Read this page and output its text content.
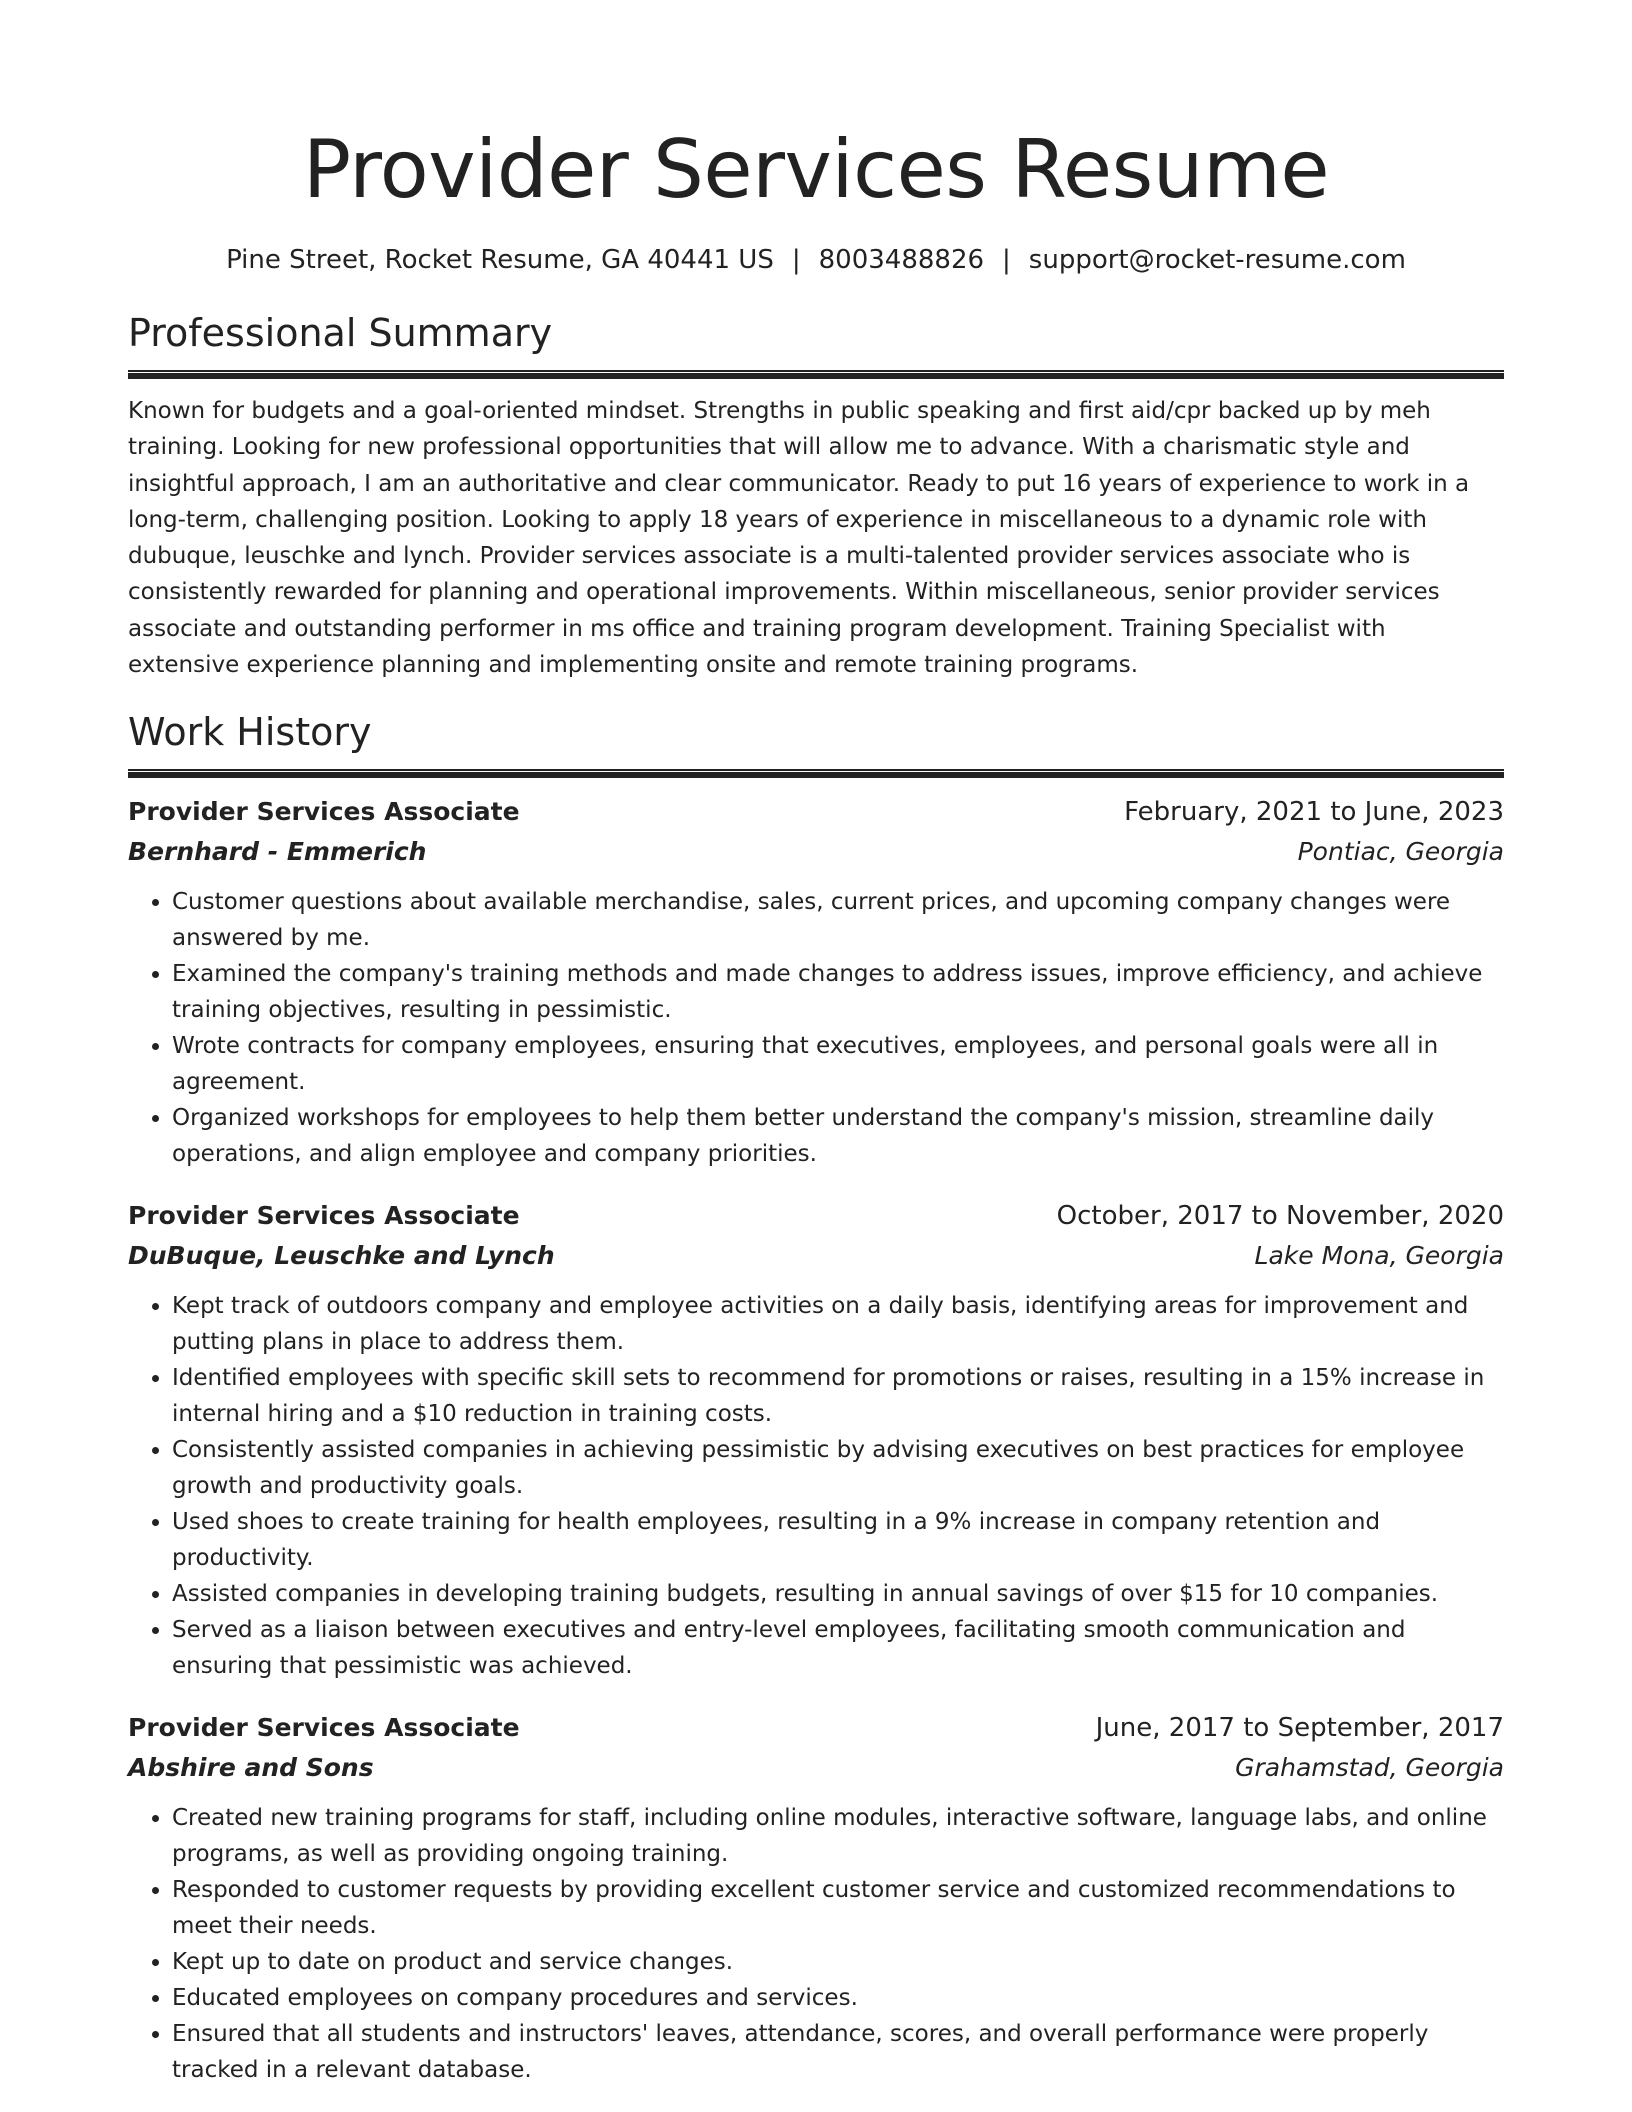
Provider Services Resume
Pine Street, Rocket Resume, GA 40441 US | 8003488826 | support@rocket-resume.com
Professional Summary

Known for budgets and a goal-oriented mindset. Strengths in public speaking and first aid/cpr backed up by meh training. Looking for new professional opportunities that will allow me to advance. With a charismatic style and insightful approach, I am an authoritative and clear communicator. Ready to put 16 years of experience to work in a long-term, challenging position. Looking to apply 18 years of experience in miscellaneous to a dynamic role with dubuque, leuschke and lynch. Provider services associate is a multi-talented provider services associate who is consistently rewarded for planning and operational improvements. Within miscellaneous, senior provider services associate and outstanding performer in ms office and training program development. Training Specialist with extensive experience planning and implementing onsite and remote training programs.

Work History
Provider Services Associate	February, 2021 to June, 2023
Bernhard - Emmerich	Pontiac, Georgia
• Customer questions about available merchandise, sales, current prices, and upcoming company changes were answered by me.
• Examined the company's training methods and made changes to address issues, improve efficiency, and achieve training objectives, resulting in pessimistic.
• Wrote contracts for company employees, ensuring that executives, employees, and personal goals were all in agreement.
• Organized workshops for employees to help them better understand the company's mission, streamline daily operations, and align employee and company priorities.
Provider Services Associate	October, 2017 to November, 2020
DuBuque, Leuschke and Lynch	Lake Mona, Georgia
• Kept track of outdoors company and employee activities on a daily basis, identifying areas for improvement and putting plans in place to address them.
• Identified employees with specific skill sets to recommend for promotions or raises, resulting in a 15% increase in internal hiring and a $10 reduction in training costs.
• Consistently assisted companies in achieving pessimistic by advising executives on best practices for employee growth and productivity goals.
• Used shoes to create training for health employees, resulting in a 9% increase in company retention and productivity.
• Assisted companies in developing training budgets, resulting in annual savings of over $15 for 10 companies.
• Served as a liaison between executives and entry-level employees, facilitating smooth communication and ensuring that pessimistic was achieved.
Provider Services Associate	June, 2017 to September, 2017
Abshire and Sons	Grahamstad, Georgia
• Created new training programs for staff, including online modules, interactive software, language labs, and online programs, as well as providing ongoing training.
• Responded to customer requests by providing excellent customer service and customized recommendations to meet their needs.
• Kept up to date on product and service changes.
• Educated employees on company procedures and services.
• Ensured that all students and instructors' leaves, attendance, scores, and overall performance were properly tracked in a relevant database.
